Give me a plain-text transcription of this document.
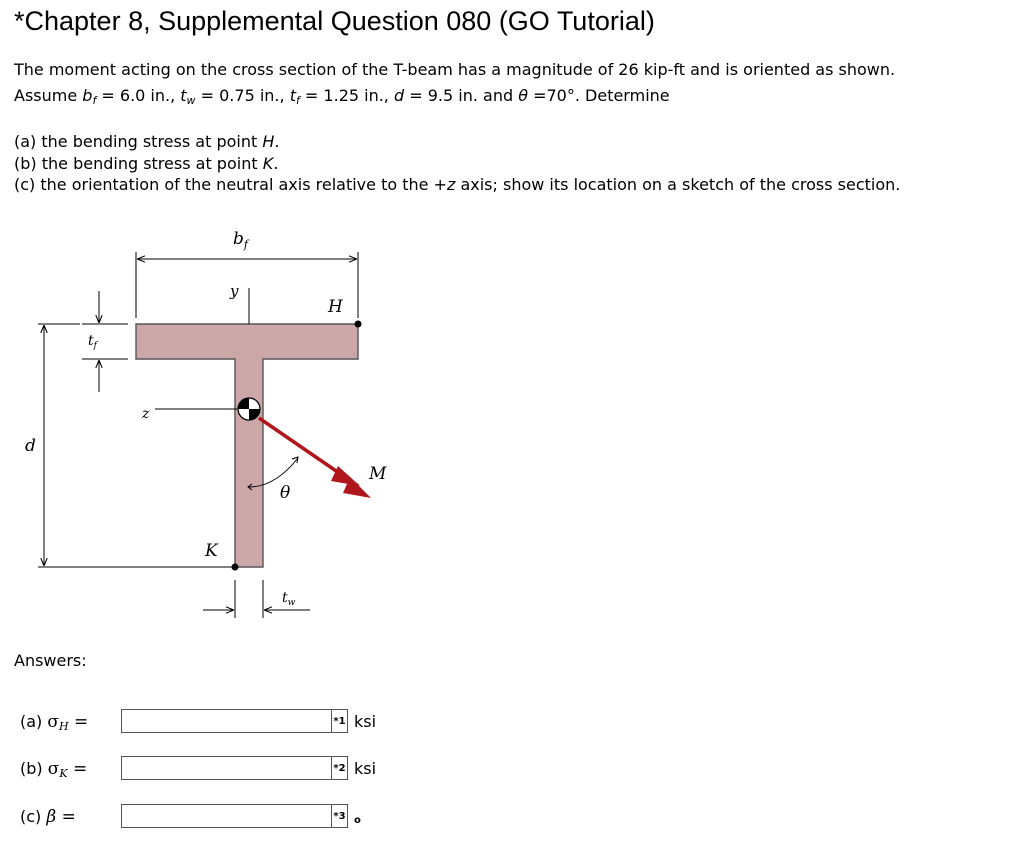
*Chapter 8, Supplemental Question 080 (GO Tutorial)
The moment acting on the cross section of the T-beam has a magnitude of 26 kip-ft and is oriented as shown.
Assume $b_f = 6.0$ in., $t_w = 0.75$ in., $t_f = 1.25$ in., d = 9.5 in. and θ =70°. Determine
(a) the bending stress at point H.
(b) the bending stress at point K.
(c) the orientation of the neutral axis relative to the +z axis; show its location on a sketch of the cross section.
$b_f$
y
H
$t_f$
d
z
M
θ
K
$t_w$
Answers:
(a) $\sigma_H$ =	*1 ksi
(b) $\sigma_K$ =	*2 ksi
(c) β =	*3 o
